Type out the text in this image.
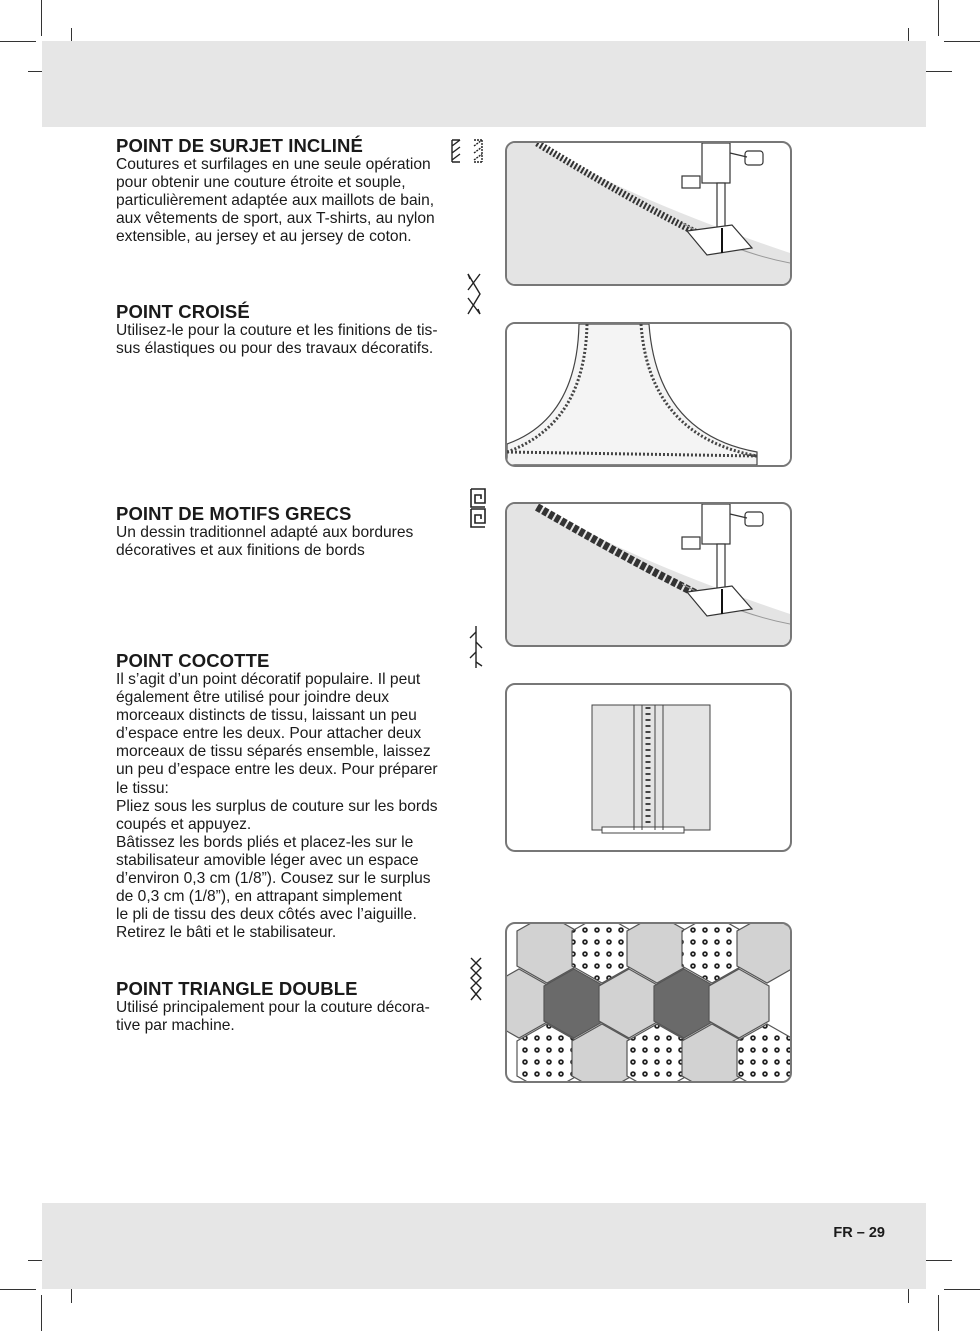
POINT DE SURJET INCLINÉ

Coutures et surfilages en une seule opération
pour obtenir une couture étroite et souple,
particulièrement adaptée aux maillots de bain,
aux vêtements de sport, aux T-shirts, au nylon
extensible, au jersey et au jersey de coton.

POINT CROISÉ

Utilisez-le pour la couture et les finitions de tis-
sus élastiques ou pour des travaux décoratifs.

POINT DE MOTIFS GRECS

Un dessin traditionnel adapté aux bordures
décoratives et aux finitions de bords

POINT COCOTTE

Il s’agit d’un point décoratif populaire. Il peut
également être utilisé pour joindre deux
morceaux distincts de tissu, laissant un peu
d’espace entre les deux. Pour attacher deux
morceaux de tissu séparés ensemble, laissez
un peu d’espace entre les deux. Pour préparer
le tissu:
Pliez sous les surplus de couture sur les bords
coupés et appuyez.
Bâtissez les bords pliés et placez-les sur le
stabilisateur amovible léger avec un espace
d’environ 0,3 cm (1/8”). Cousez sur le surplus
de 0,3 cm (1/8”), en attrapant simplement
le pli de tissu des deux côtés avec l’aiguille.
Retirez le bâti et le stabilisateur.

POINT TRIANGLE DOUBLE

Utilisé principalement pour la couture décora-
tive par machine.

FR – 29
